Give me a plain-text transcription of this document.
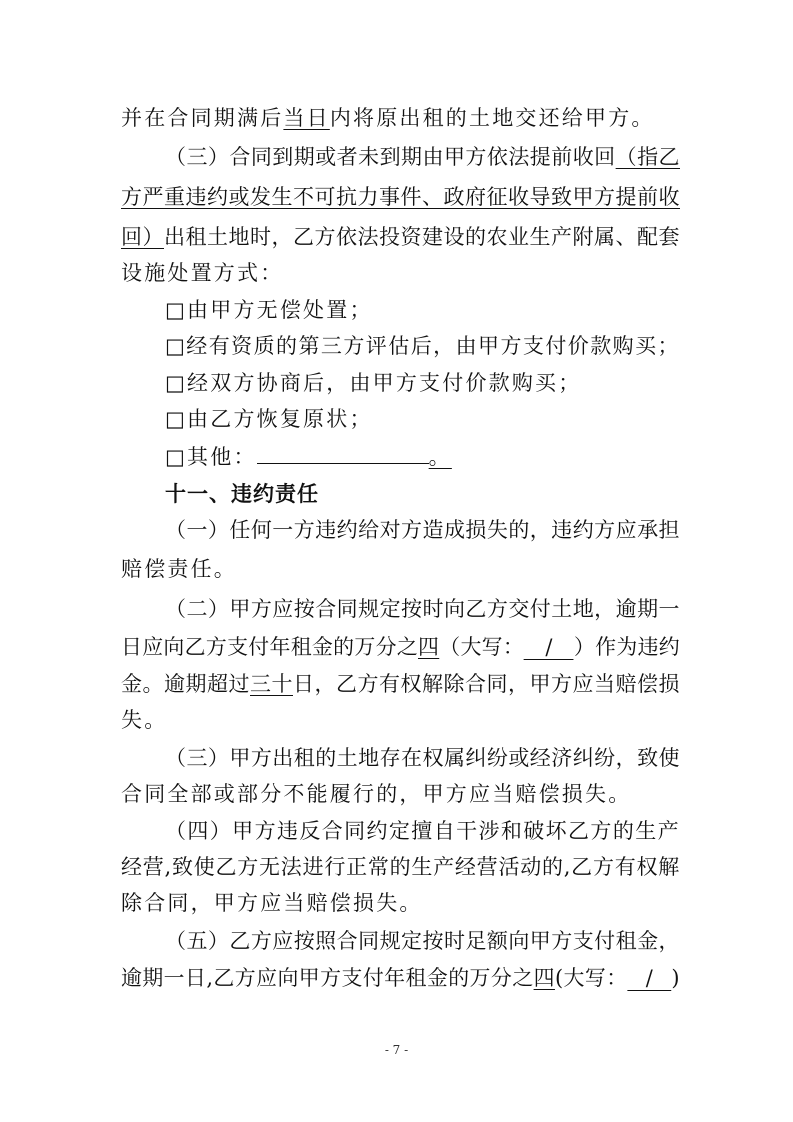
并在合同期满后当日内将原出租的土地交还给甲方。
（三）合同到期或者未到期由甲方依法提前收回（指乙
方严重违约或发生不可抗力事件、政府征收导致甲方提前收
回）出租土地时，乙方依法投资建设的农业生产附属、配套
设施处置方式：
□由甲方无偿处置；
□经有资质的第三方评估后，由甲方支付价款购买；
□经双方协商后，由甲方支付价款购买；
□由乙方恢复原状；
□其他：	。
十一、违约责任
（一）任何一方违约给对方造成损失的，违约方应承担
赔偿责任。
（二）甲方应按合同规定按时向乙方交付土地，逾期一
日应向乙方支付年租金的万分之四（大写： / ）作为违约
金。逾期超过三十日，乙方有权解除合同，甲方应当赔偿损
失。
（三）甲方出租的土地存在权属纠纷或经济纠纷，致使
合同全部或部分不能履行的，甲方应当赔偿损失。
（四）甲方违反合同约定擅自干涉和破坏乙方的生产
经营,致使乙方无法进行正常的生产经营活动的,乙方有权解
除合同，甲方应当赔偿损失。
（五）乙方应按照合同规定按时足额向甲方支付租金，
逾期一日,乙方应向甲方支付年租金的万分之四(大写： / )
- 7 -
